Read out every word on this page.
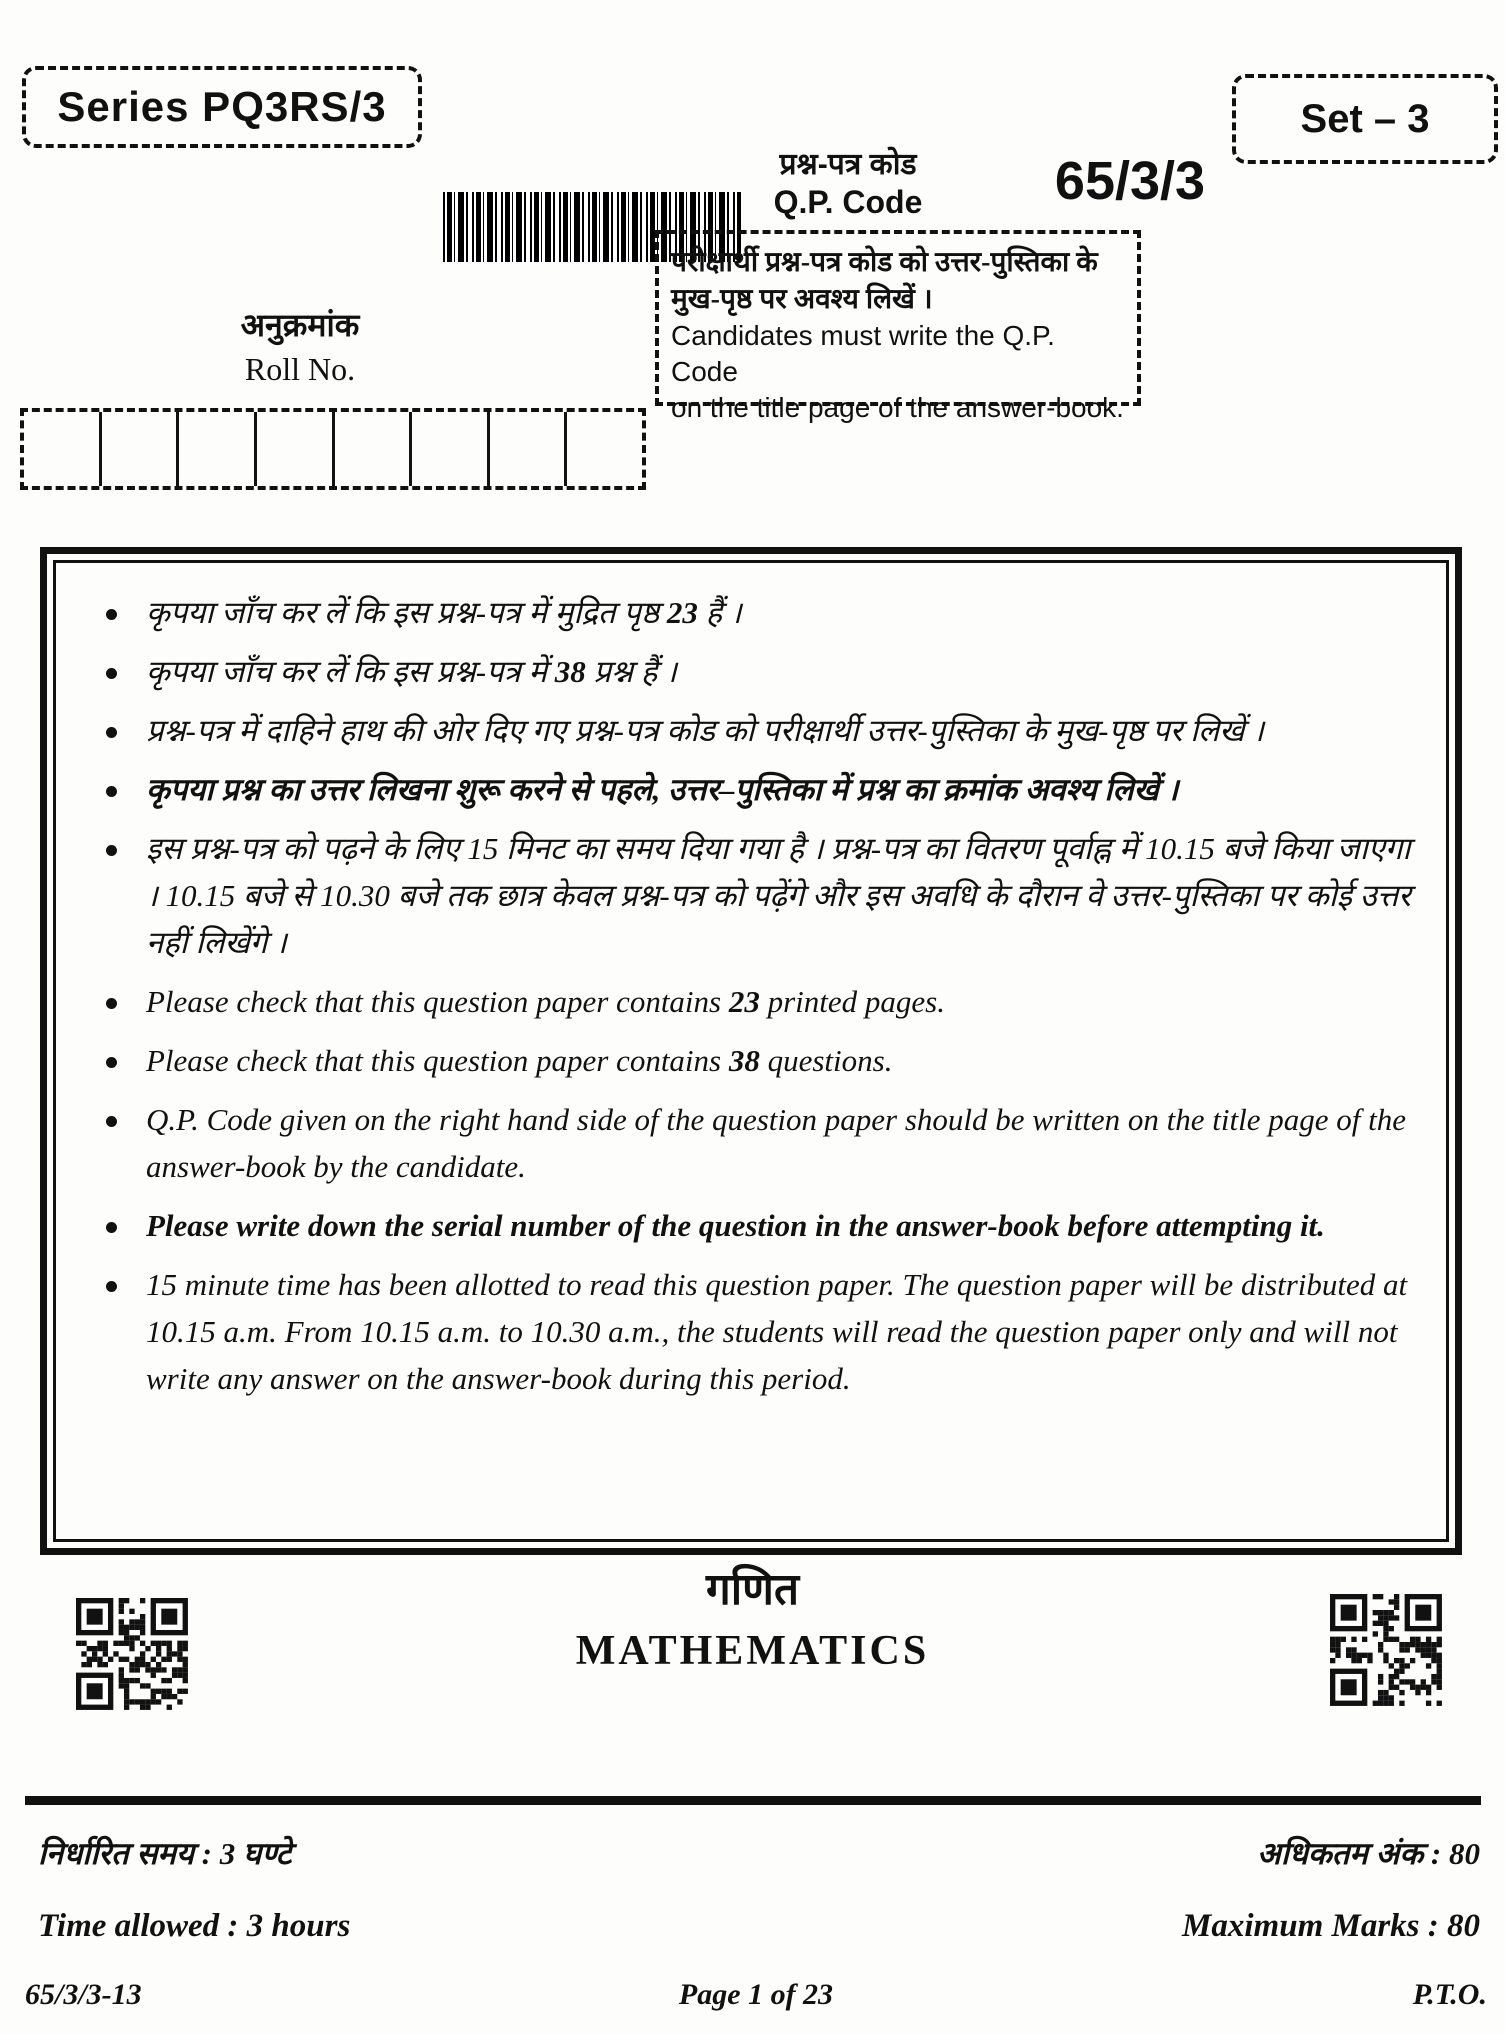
Series PQ3RS/3	Set – 3
प्रश्न-पत्र कोड
Q.P. Code 65/3/3
अनुक्रमांक
Roll No.
परीक्षार्थी प्रश्न-पत्र कोड को उत्तर-पुस्तिका के
मुख-पृष्ठ पर अवश्य लिखें ।
Candidates must write the Q.P. Code
on the title page of the answer-book.
कृपया जाँच कर लें कि इस प्रश्न-पत्र में मुद्रित पृष्ठ 23 हैं ।
कृपया जाँच कर लें कि इस प्रश्न-पत्र में 38 प्रश्न हैं ।
प्रश्न-पत्र में दाहिने हाथ की ओर दिए गए प्रश्न-पत्र कोड को परीक्षार्थी उत्तर-पुस्तिका के मुख-पृष्ठ पर लिखें ।
कृपया प्रश्न का उत्तर लिखना शुरू करने से पहले, उत्तर–पुस्तिका में प्रश्न का क्रमांक अवश्य लिखें ।
इस प्रश्न-पत्र को पढ़ने के लिए 15 मिनट का समय दिया गया है । प्रश्न-पत्र का वितरण पूर्वाह्न में 10.15 बजे किया जाएगा । 10.15 बजे से 10.30 बजे तक छात्र केवल प्रश्न-पत्र को पढ़ेंगे और इस अवधि के दौरान वे उत्तर-पुस्तिका पर कोई उत्तर नहीं लिखेंगे ।
Please check that this question paper contains 23 printed pages.
Please check that this question paper contains 38 questions.
Q.P. Code given on the right hand side of the question paper should be written on the title page of the answer-book by the candidate.
Please write down the serial number of the question in the answer-book before attempting it.
15 minute time has been allotted to read this question paper. The question paper will be distributed at 10.15 a.m. From 10.15 a.m. to 10.30 a.m., the students will read the question paper only and will not write any answer on the answer-book during this period.
गणित
MATHEMATICS
निर्धारित समय : 3 घण्टे	अधिकतम अंक : 80
Time allowed : 3 hours	Maximum Marks : 80
65/3/3-13	Page 1 of 23	P.T.O.
